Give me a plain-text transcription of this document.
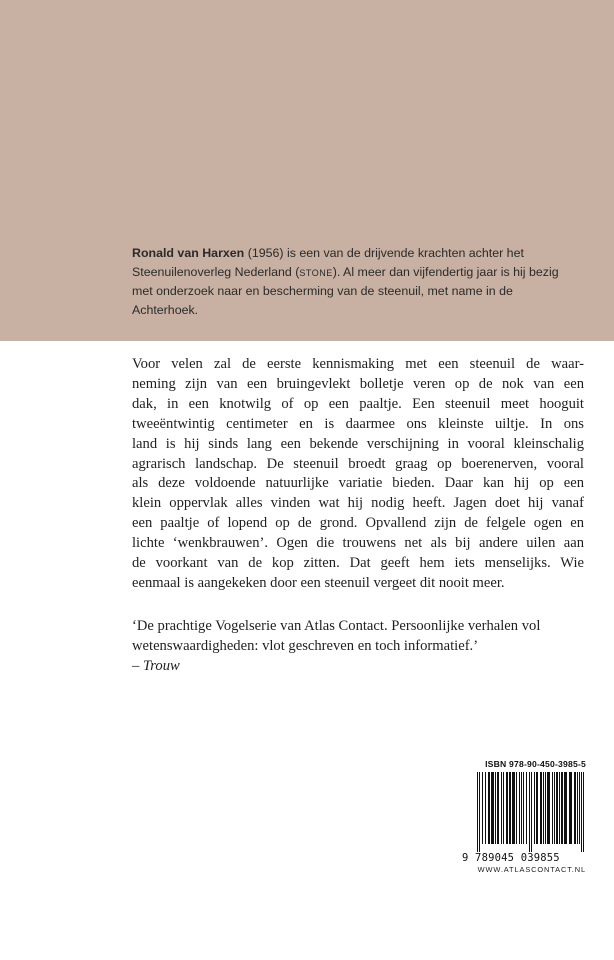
Ronald van Harxen (1956) is een van de drijvende krachten achter het

Steenuilenoverleg Nederland (STONE). Al meer dan vijfendertig jaar is hij bezig

met onderzoek naar en bescherming van de steenuil, met name in de

Achterhoek.

Voor velen zal de eerste kennismaking met een steenuil de waar-
neming zijn van een bruingevlekt bolletje veren op de nok van een
dak, in een knotwilg of op een paaltje. Een steenuil meet hooguit
tweeëntwintig centimeter en is daarmee ons kleinste uiltje. In ons
land is hij sinds lang een bekende verschijning in vooral kleinschalig
agrarisch landschap. De steenuil broedt graag op boerenerven, vooral
als deze voldoende natuurlijke variatie bieden. Daar kan hij op een
klein oppervlak alles vinden wat hij nodig heeft. Jagen doet hij vanaf
een paaltje of lopend op de grond. Opvallend zijn de felgele ogen en
lichte ‘wenkbrauwen’. Ogen die trouwens net als bij andere uilen aan
de voorkant van de kop zitten. Dat geeft hem iets menselijks. Wie
eenmaal is aangekeken door een steenuil vergeet dit nooit meer.
‘De prachtige Vogelserie van Atlas Contact. Persoonlijke verhalen vol
wetenswaardigheden: vlot geschreven en toch informatief.’
– Trouw
ISBN 978-90-450-3985-5
9 789045 039855
WWW.ATLASCONTACT.NL
